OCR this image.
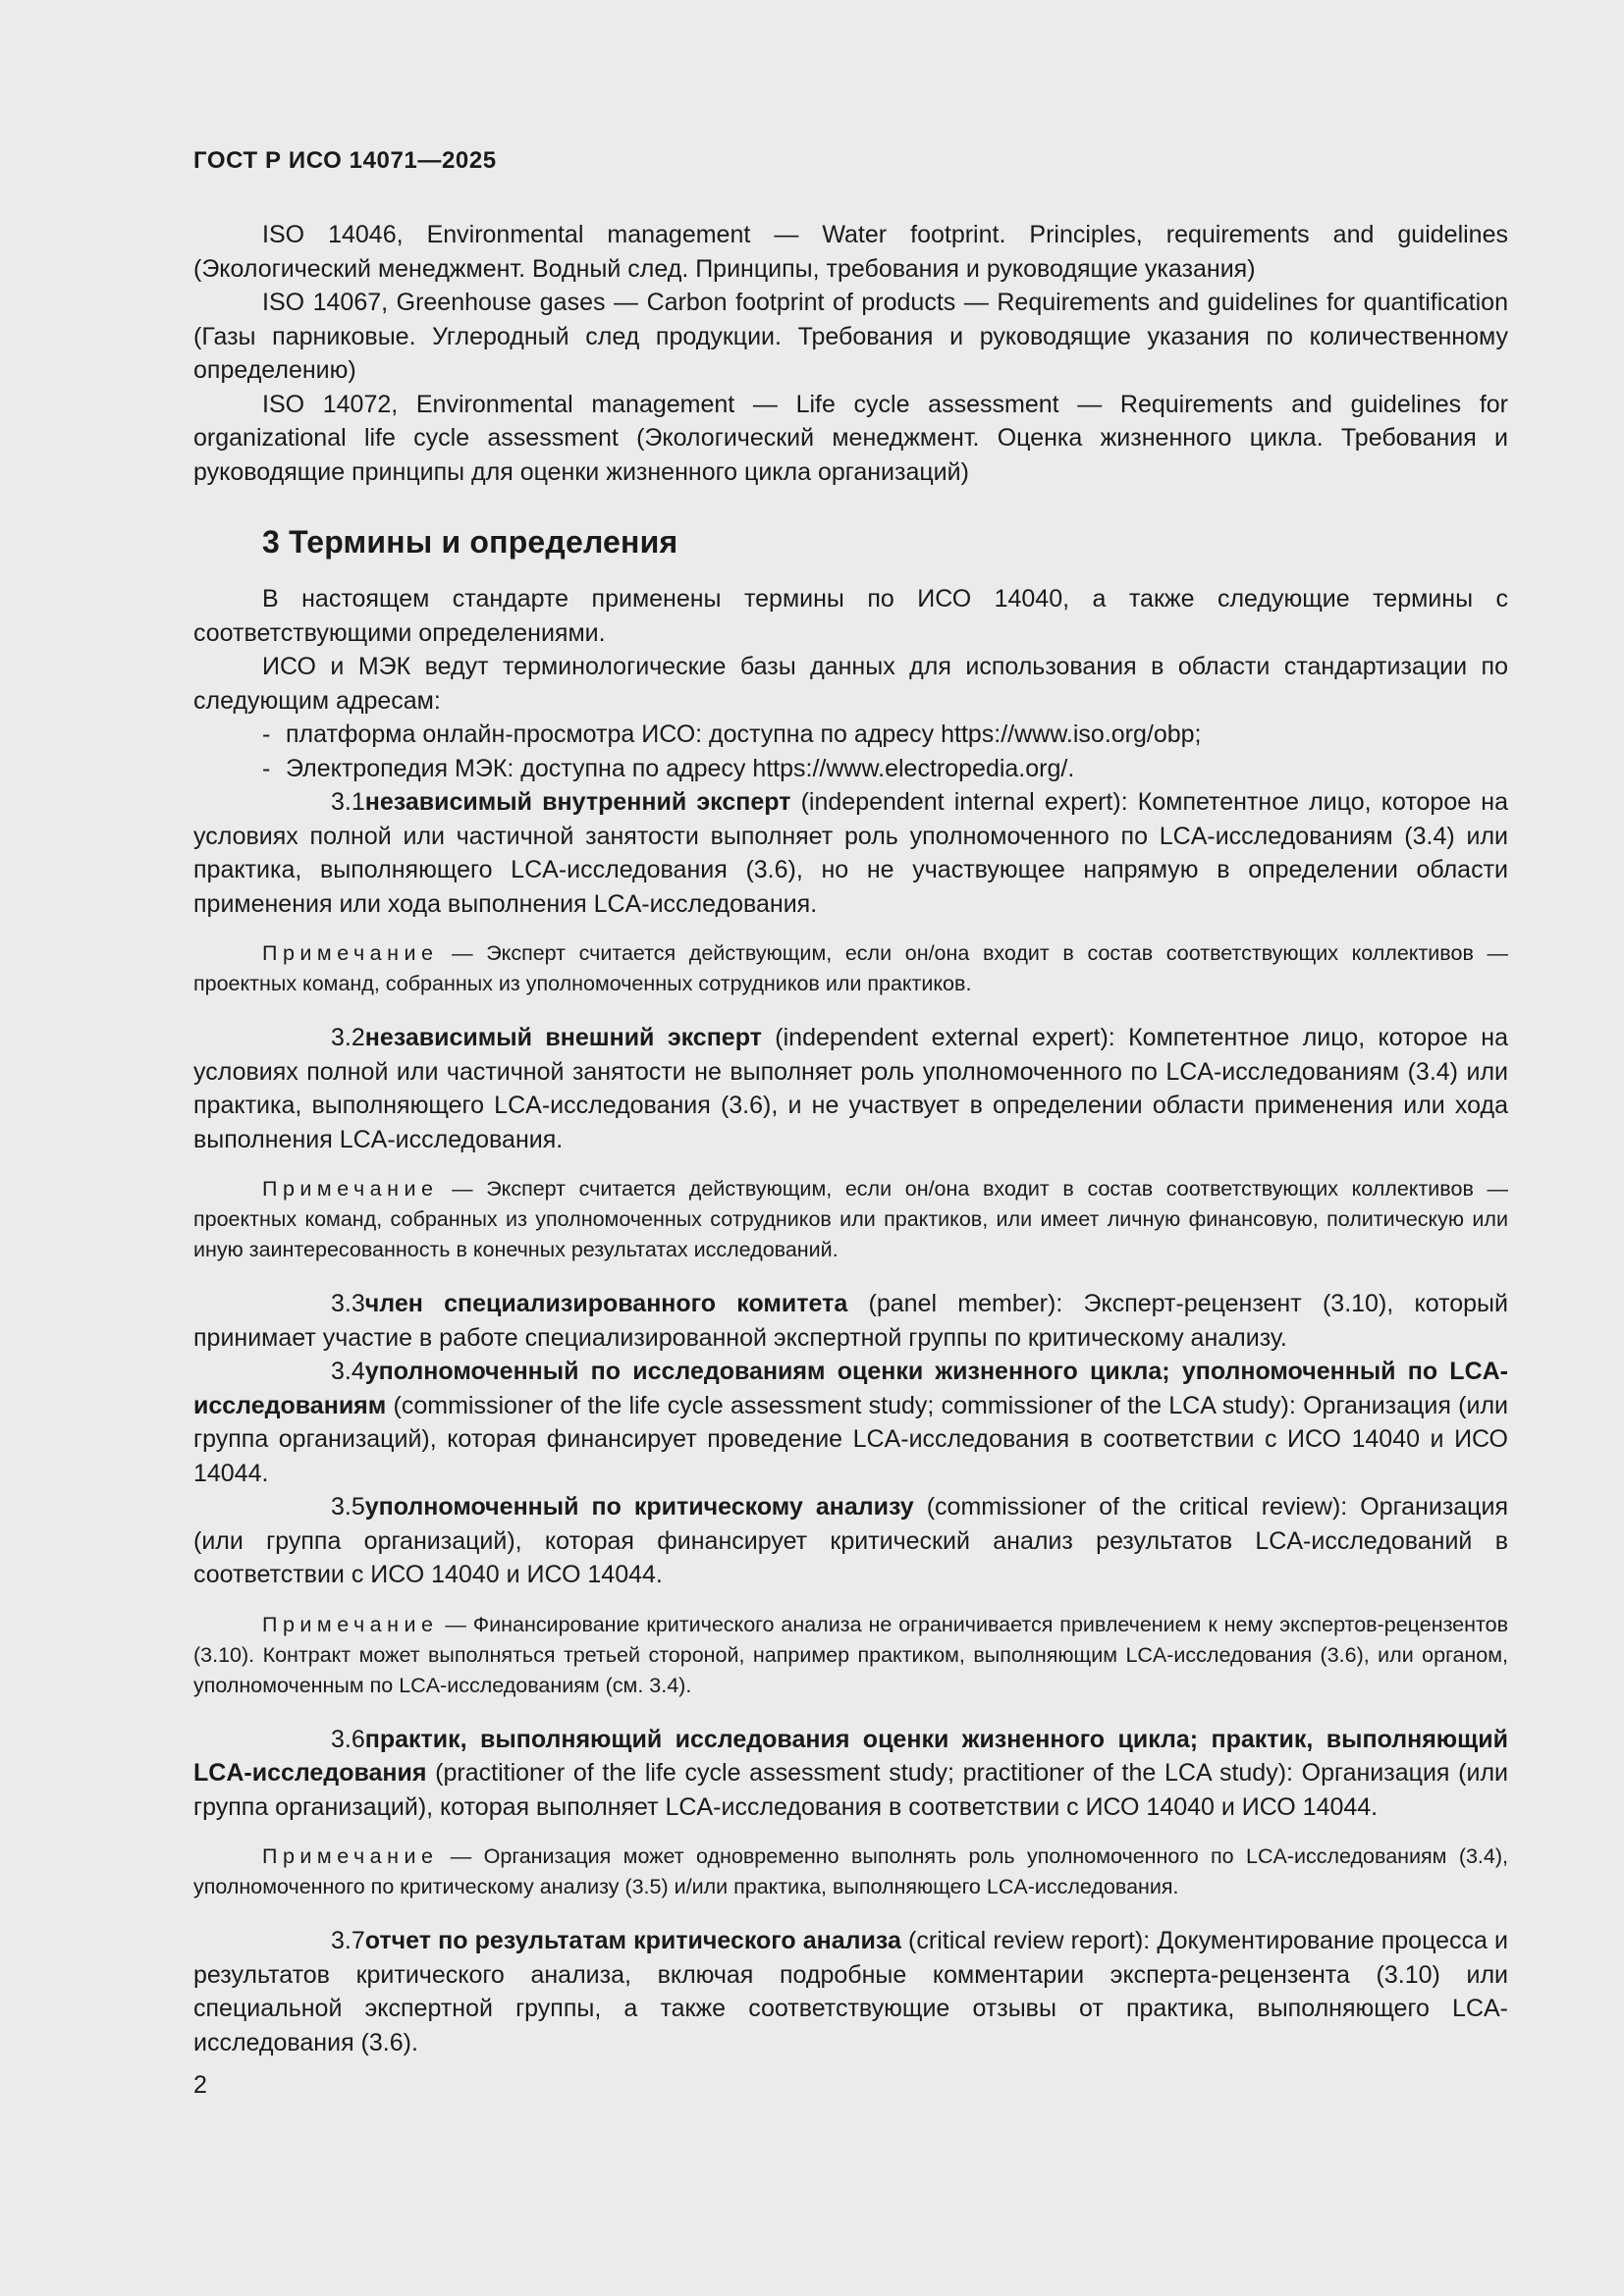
ГОСТ Р ИСО 14071—2025

ISO 14046, Environmental management — Water footprint. Principles, requirements and guidelines (Экологический менеджмент. Водный след. Принципы, требования и руководящие указания)

ISO 14067, Greenhouse gases — Carbon footprint of products — Requirements and guidelines for quantification (Газы парниковые. Углеродный след продукции. Требования и руководящие указания по количественному определению)

ISO 14072, Environmental management — Life cycle assessment — Requirements and guidelines for organizational life cycle assessment (Экологический менеджмент. Оценка жизненного цикла. Требования и руководящие принципы для оценки жизненного цикла организаций)

3 Термины и определения

В настоящем стандарте применены термины по ИСО 14040, а также следующие термины с соответствующими определениями.

ИСО и МЭК ведут терминологические базы данных для использования в области стандартизации по следующим адресам:

- платформа онлайн-просмотра ИСО: доступна по адресу https://www.iso.org/obp;
- Электропедия МЭК: доступна по адресу https://www.electropedia.org/.

3.1независимый внутренний эксперт (independent internal expert): Компетентное лицо, которое на условиях полной или частичной занятости выполняет роль уполномоченного по LCA-исследованиям (3.4) или практика, выполняющего LCA-исследования (3.6), но не участвующее напрямую в определении области применения или хода выполнения LCA-исследования.

Примечание — Эксперт считается действующим, если он/она входит в состав соответствующих коллективов — проектных команд, собранных из уполномоченных сотрудников или практиков.

3.2независимый внешний эксперт (independent external expert): Компетентное лицо, которое на условиях полной или частичной занятости не выполняет роль уполномоченного по LCA-исследованиям (3.4) или практика, выполняющего LCA-исследования (3.6), и не участвует в определении области применения или хода выполнения LCA-исследования.

Примечание — Эксперт считается действующим, если он/она входит в состав соответствующих коллективов — проектных команд, собранных из уполномоченных сотрудников или практиков, или имеет личную финансовую, политическую или иную заинтересованность в конечных результатах исследований.

3.3член специализированного комитета (panel member): Эксперт-рецензент (3.10), который принимает участие в работе специализированной экспертной группы по критическому анализу.

3.4уполномоченный по исследованиям оценки жизненного цикла; уполномоченный по LCA-исследованиям (commissioner of the life cycle assessment study; commissioner of the LCA study): Организация (или группа организаций), которая финансирует проведение LCA-исследования в соответствии с ИСО 14040 и ИСО 14044.

3.5уполномоченный по критическому анализу (commissioner of the critical review): Организация (или группа организаций), которая финансирует критический анализ результатов LCA-исследований в соответствии с ИСО 14040 и ИСО 14044.

Примечание — Финансирование критического анализа не ограничивается привлечением к нему экспертов-рецензентов (3.10). Контракт может выполняться третьей стороной, например практиком, выполняющим LCA-исследования (3.6), или органом, уполномоченным по LCA-исследованиям (см. 3.4).

3.6практик, выполняющий исследования оценки жизненного цикла; практик, выполняющий LCA-исследования (practitioner of the life cycle assessment study; practitioner of the LCA study): Организация (или группа организаций), которая выполняет LCA-исследования в соответствии с ИСО 14040 и ИСО 14044.

Примечание — Организация может одновременно выполнять роль уполномоченного по LCA-исследованиям (3.4), уполномоченного по критическому анализу (3.5) и/или практика, выполняющего LCA-исследования.

3.7отчет по результатам критического анализа (critical review report): Документирование процесса и результатов критического анализа, включая подробные комментарии эксперта-рецензента (3.10) или специальной экспертной группы, а также соответствующие отзывы от практика, выполняющего LCA-исследования (3.6).

2
